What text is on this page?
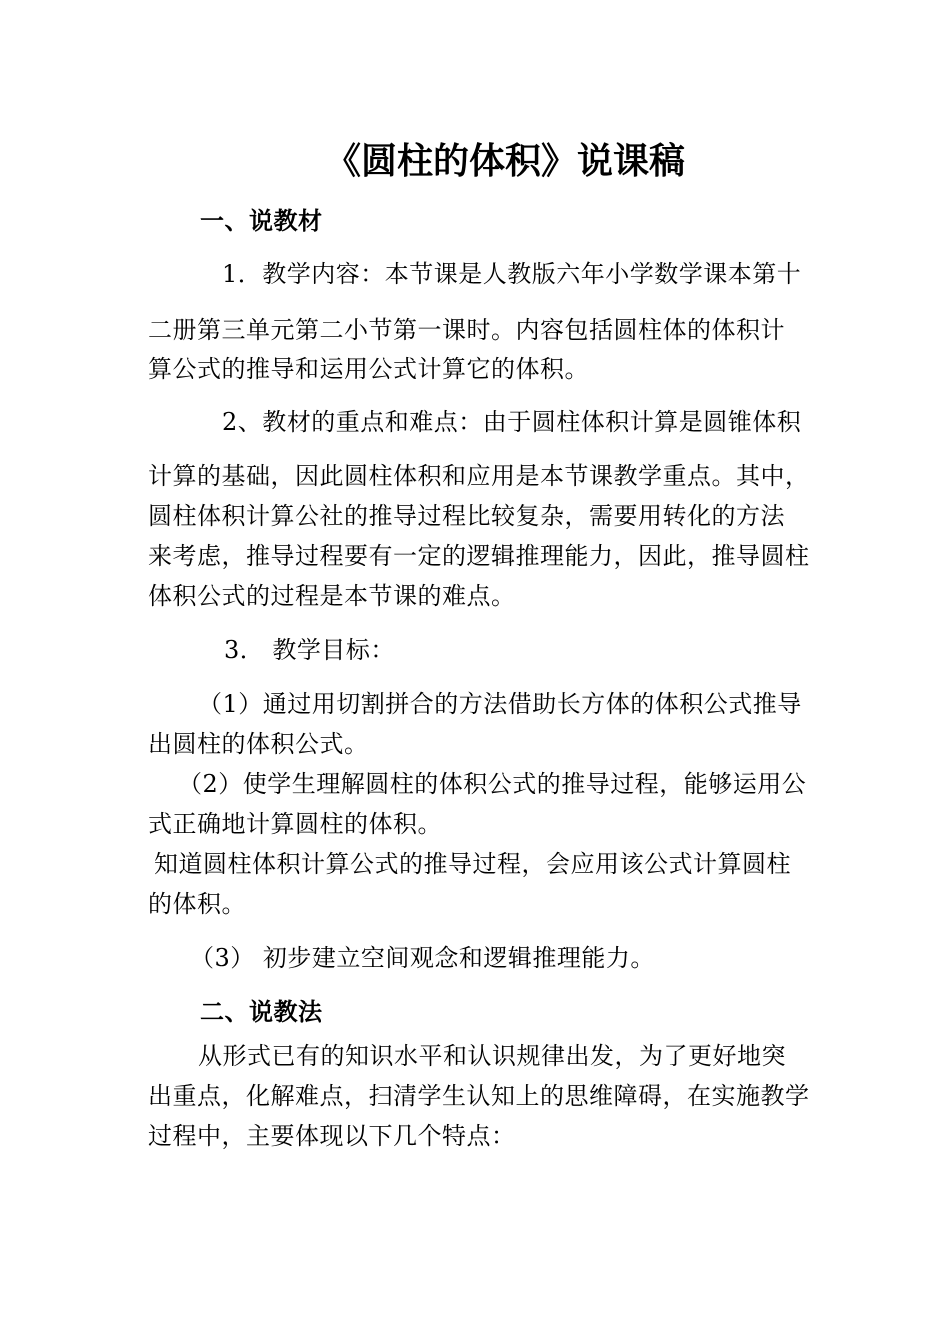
《圆柱的体积》说课稿
一、说教材
1．教学内容：本节课是人教版六年小学数学课本第十
二册第三单元第二小节第一课时。内容包括圆柱体的体积计
算公式的推导和运用公式计算它的体积。
2、教材的重点和难点：由于圆柱体积计算是圆锥体积
计算的基础，因此圆柱体积和应用是本节课教学重点。其中，
圆柱体积计算公社的推导过程比较复杂，需要用转化的方法
来考虑，推导过程要有一定的逻辑推理能力，因此，推导圆柱
体积公式的过程是本节课的难点。
3． 教学目标：
（1）通过用切割拼合的方法借助长方体的体积公式推导
出圆柱的体积公式。
（2）使学生理解圆柱的体积公式的推导过程，能够运用公
式正确地计算圆柱的体积。
知道圆柱体积计算公式的推导过程，会应用该公式计算圆柱
的体积。
（3） 初步建立空间观念和逻辑推理能力。
二、说教法
从形式已有的知识水平和认识规律出发，为了更好地突
出重点，化解难点，扫清学生认知上的思维障碍，在实施教学
过程中，主要体现以下几个特点：
